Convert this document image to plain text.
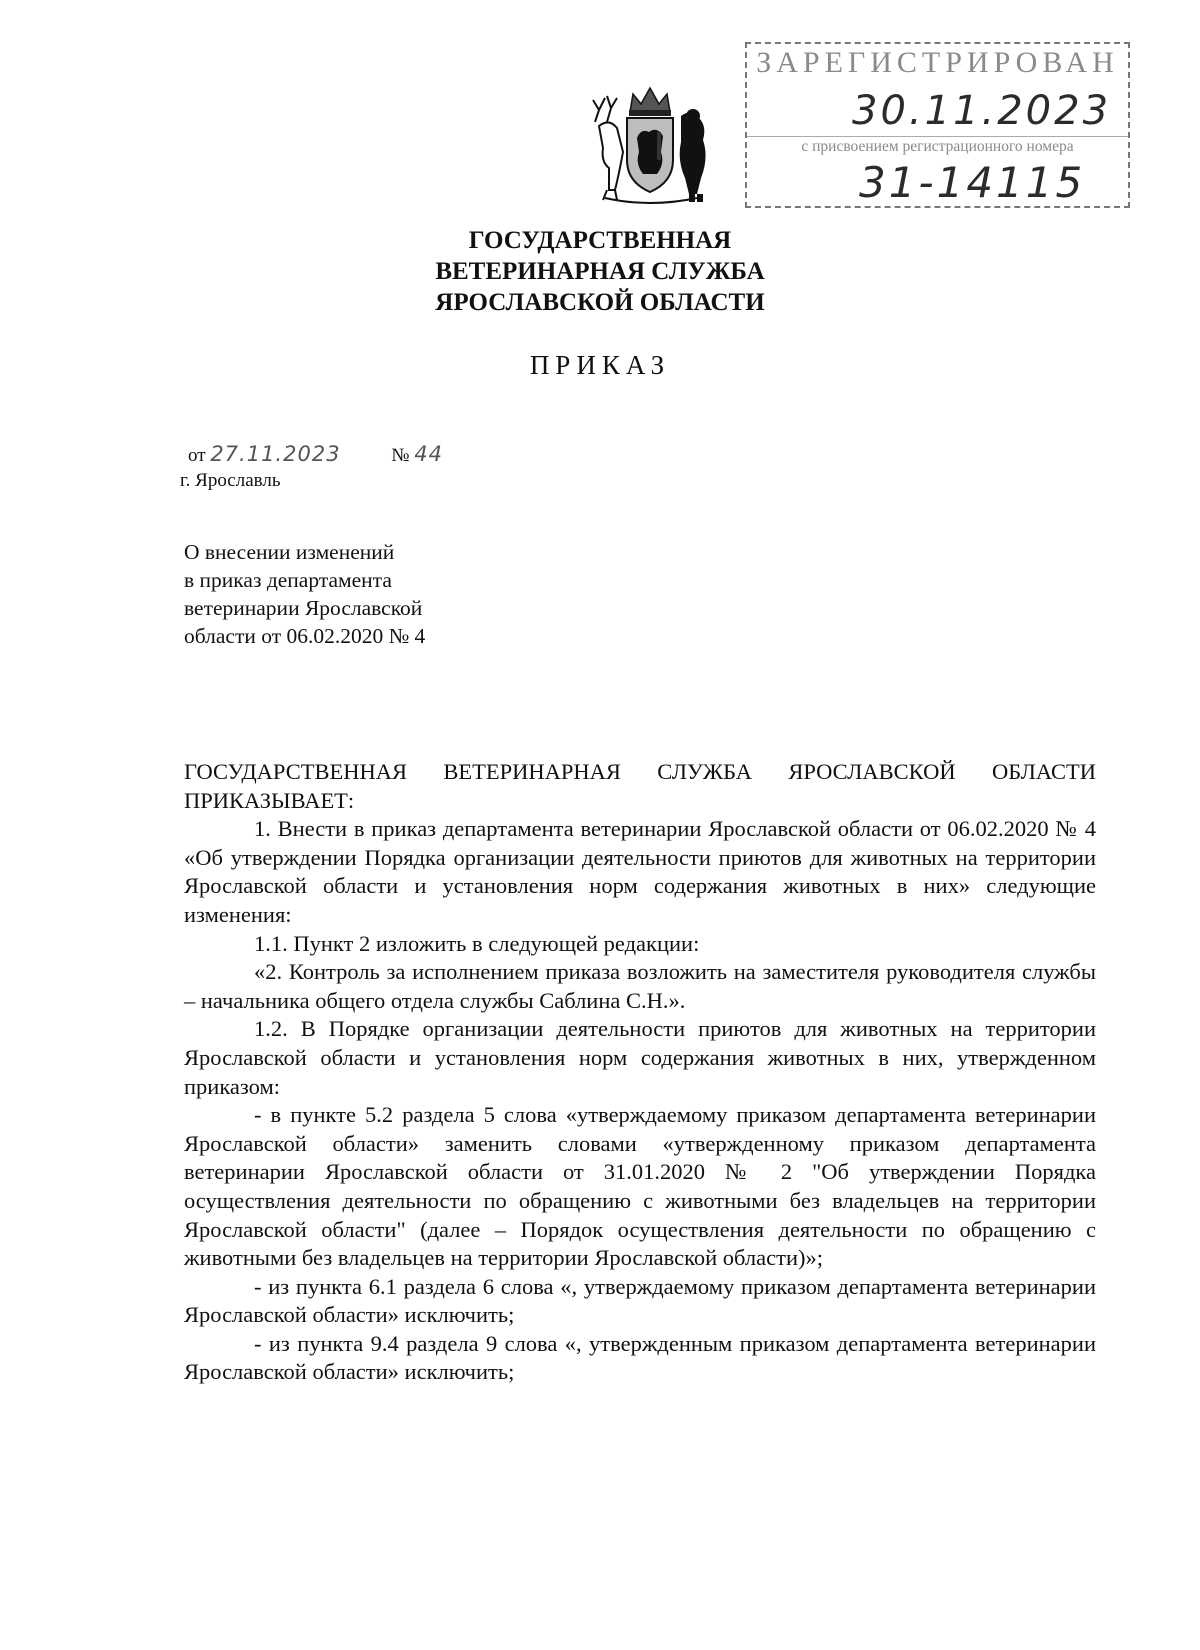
ЗАРЕГИСТРИРОВАН
30.11.2023
с присвоением регистрационного номера
31-14115
ГОСУДАРСТВЕННАЯ
ВЕТЕРИНАРНАЯ СЛУЖБА
ЯРОСЛАВСКОЙ ОБЛАСТИ
ПРИКАЗ
от 27.11.2023	№ 44
г. Ярославль
О внесении изменений
в приказ департамента
ветеринарии Ярославской
области от 06.02.2020 № 4

ГОСУДАРСТВЕННАЯ ВЕТЕРИНАРНАЯ СЛУЖБА ЯРОСЛАВСКОЙ ОБЛАСТИ ПРИКАЗЫВАЕТ:

1. Внести в приказ департамента ветеринарии Ярославской области от 06.02.2020 № 4 «Об утверждении Порядка организации деятельности приютов для животных на территории Ярославской области и установления норм содержания животных в них» следующие изменения:

1.1. Пункт 2 изложить в следующей редакции:

«2. Контроль за исполнением приказа возложить на заместителя руководителя службы – начальника общего отдела службы Саблина С.Н.».

1.2. В Порядке организации деятельности приютов для животных на территории Ярославской области и установления норм содержания животных в них, утвержденном приказом:

- в пункте 5.2 раздела 5 слова «утверждаемому приказом департамента ветеринарии Ярославской области» заменить словами «утвержденному приказом департамента ветеринарии Ярославской области от 31.01.2020 № 2 "Об утверждении Порядка осуществления деятельности по обращению с животными без владельцев на территории Ярославской области" (далее – Порядок осуществления деятельности по обращению с животными без владельцев на территории Ярославской области)»;

- из пункта 6.1 раздела 6 слова «, утверждаемому приказом департамента ветеринарии Ярославской области» исключить;

- из пункта 9.4 раздела 9 слова «, утвержденным приказом департамента ветеринарии Ярославской области» исключить;
